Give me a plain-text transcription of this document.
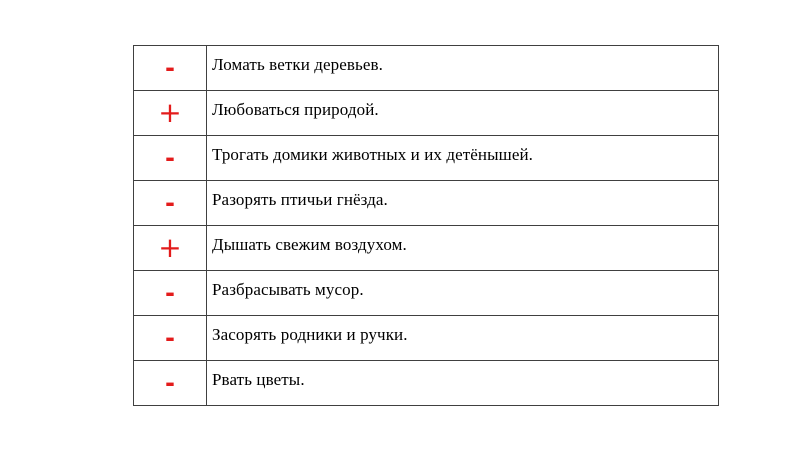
-	Ломать ветки деревьев.
+	Любоваться природой.
-	Трогать домики животных и их детёнышей.
-	Разорять птичьи гнёзда.
+	Дышать свежим воздухом.
-	Разбрасывать мусор.
-	Засорять родники и ручки.
-	Рвать цветы.
